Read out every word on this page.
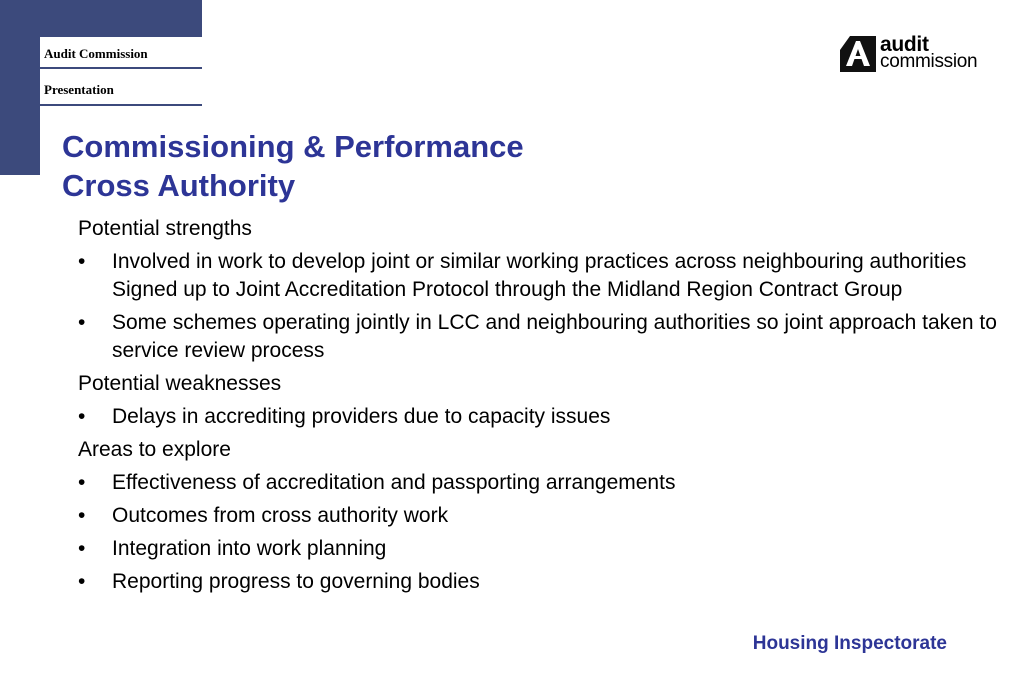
Audit Commission
Presentation
audit
commission
Commissioning & Performance
Cross Authority

Potential strengths

• Involved in work to develop joint or similar working practices across neighbouring authorities Signed up to Joint Accreditation Protocol through the Midland Region Contract Group

• Some schemes operating jointly in LCC and neighbouring authorities so joint approach taken to service review process

Potential weaknesses

• Delays in accrediting providers due to capacity issues

Areas to explore

• Effectiveness of accreditation and passporting arrangements

• Outcomes from cross authority work

• Integration into work planning

• Reporting progress to governing bodies

Housing Inspectorate
